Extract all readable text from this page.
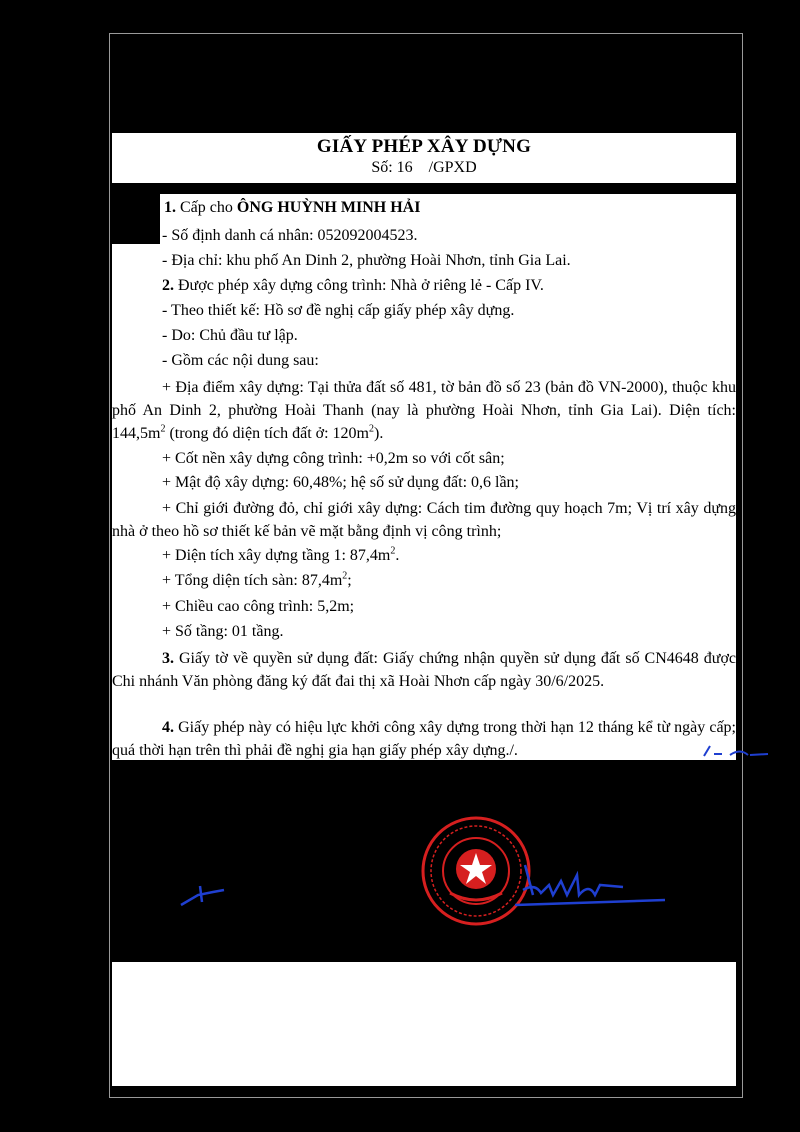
GIẤY PHÉP XÂY DỰNG
Số: 16    /GPXD
1. Cấp cho ÔNG HUỲNH MINH HẢI
- Số định danh cá nhân: 052092004523.
- Địa chỉ: khu phố An Dinh 2, phường Hoài Nhơn, tỉnh Gia Lai.
2. Được phép xây dựng công trình: Nhà ở riêng lẻ - Cấp IV.
- Theo thiết kế: Hồ sơ đề nghị cấp giấy phép xây dựng.
- Do: Chủ đầu tư lập.
- Gồm các nội dung sau:
+ Địa điểm xây dựng: Tại thửa đất số 481, tờ bản đồ số 23 (bản đồ VN-2000), thuộc khu phố An Dinh 2, phường Hoài Thanh (nay là phường Hoài Nhơn, tỉnh Gia Lai). Diện tích: $144,5m^2$ (trong đó diện tích đất ở: $120m^2$).
+ Cốt nền xây dựng công trình: +0,2m so với cốt sân;
+ Mật độ xây dựng: 60,48%; hệ số sử dụng đất: 0,6 lần;
+ Chỉ giới đường đỏ, chỉ giới xây dựng: Cách tim đường quy hoạch 7m; Vị trí xây dựng nhà ở theo hồ sơ thiết kế bản vẽ mặt bằng định vị công trình;
+ Diện tích xây dựng tầng 1: $87,4m^2$.
+ Tổng diện tích sàn: $87,4m^2$;
+ Chiều cao công trình: 5,2m;
+ Số tầng: 01 tầng.
3. Giấy tờ về quyền sử dụng đất: Giấy chứng nhận quyền sử dụng đất số CN4648 được Chi nhánh Văn phòng đăng ký đất đai thị xã Hoài Nhơn cấp ngày 30/6/2025.
4. Giấy phép này có hiệu lực khởi công xây dựng trong thời hạn 12 tháng kể từ ngày cấp; quá thời hạn trên thì phải đề nghị gia hạn giấy phép xây dựng./.
